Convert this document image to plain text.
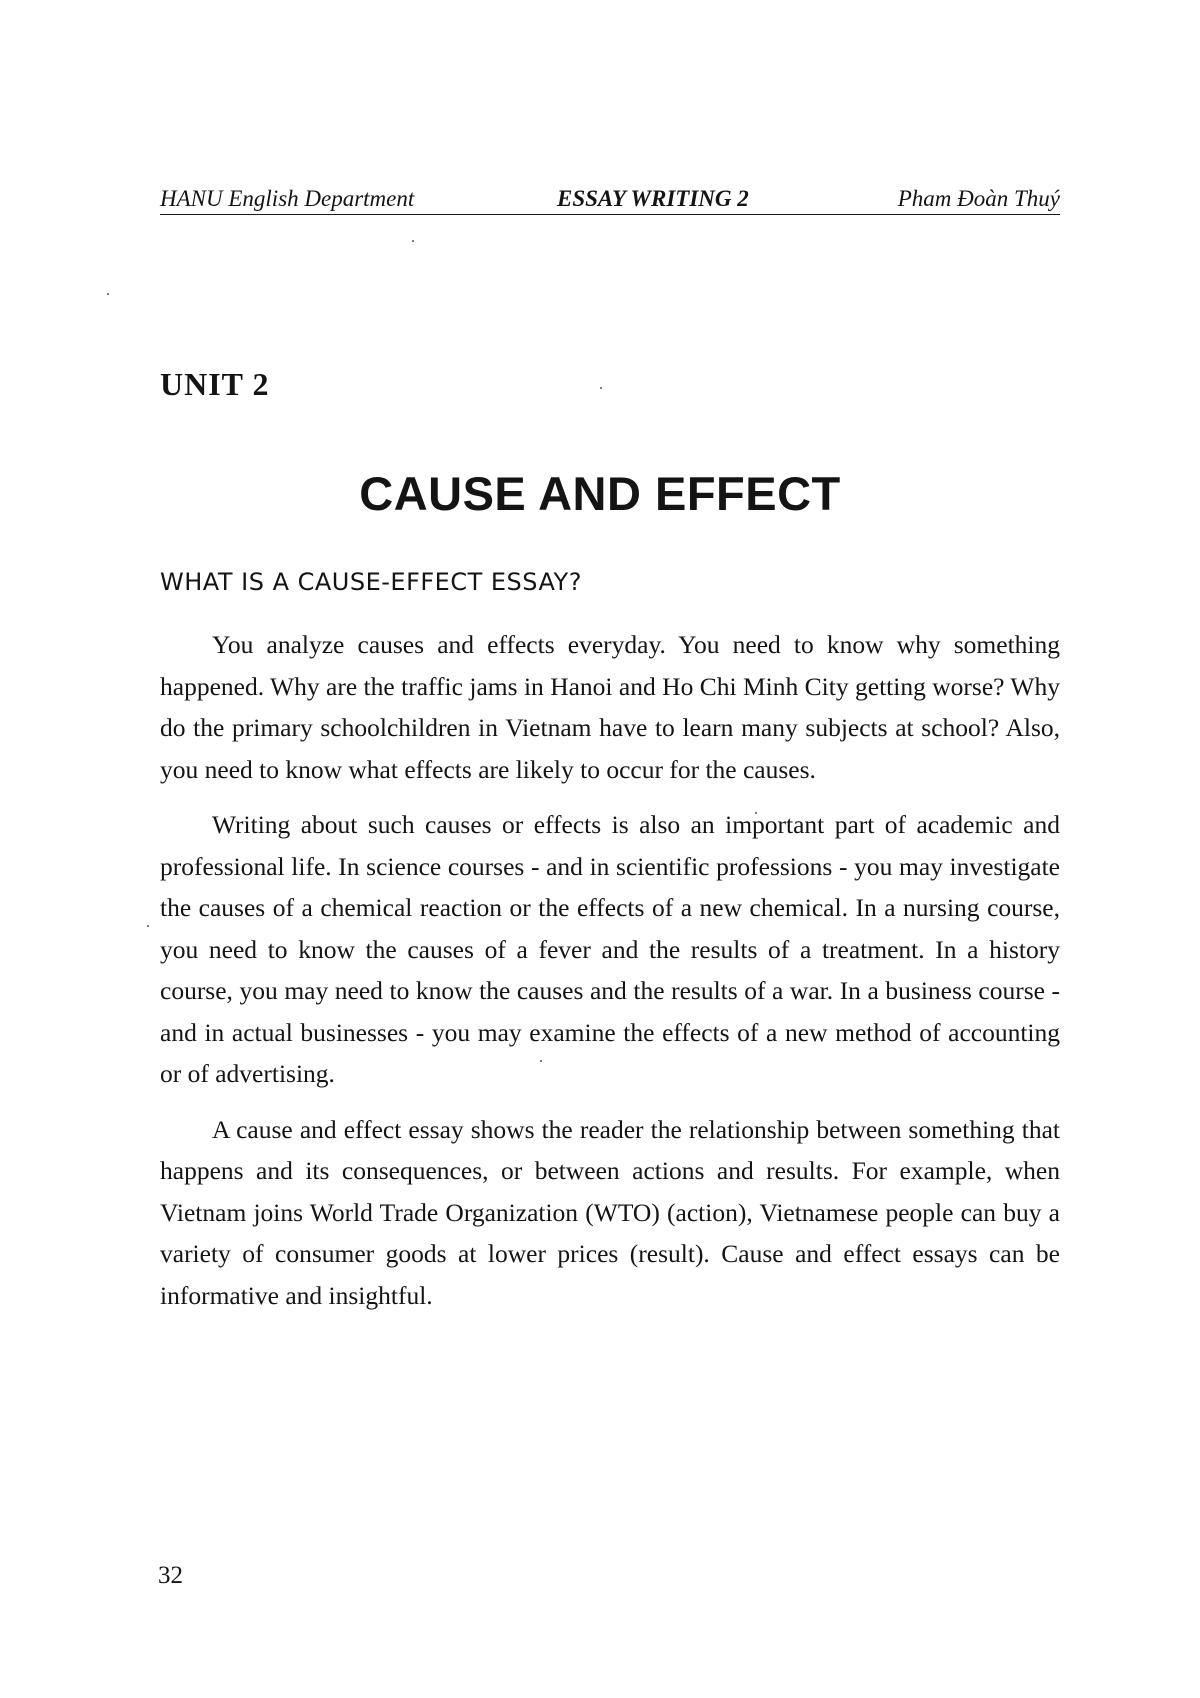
HANU English Department	ESSAY WRITING 2	Pham Đoàn Thuý
UNIT 2
CAUSE AND EFFECT
WHAT IS A CAUSE-EFFECT ESSAY?

You analyze causes and effects everyday. You need to know why something happened. Why are the traffic jams in Hanoi and Ho Chi Minh City getting worse? Why do the primary schoolchildren in Vietnam have to learn many subjects at school? Also, you need to know what effects are likely to occur for the causes.

Writing about such causes or effects is also an important part of academic and professional life. In science courses - and in scientific professions - you may investigate the causes of a chemical reaction or the effects of a new chemical. In a nursing course, you need to know the causes of a fever and the results of a treatment. In a history course, you may need to know the causes and the results of a war. In a business course - and in actual businesses - you may examine the effects of a new method of accounting or of advertising.

A cause and effect essay shows the reader the relationship between something that happens and its consequences, or between actions and results. For example, when Vietnam joins World Trade Organization (WTO) (action), Vietnamese people can buy a variety of consumer goods at lower prices (result). Cause and effect essays can be informative and insightful.

32
